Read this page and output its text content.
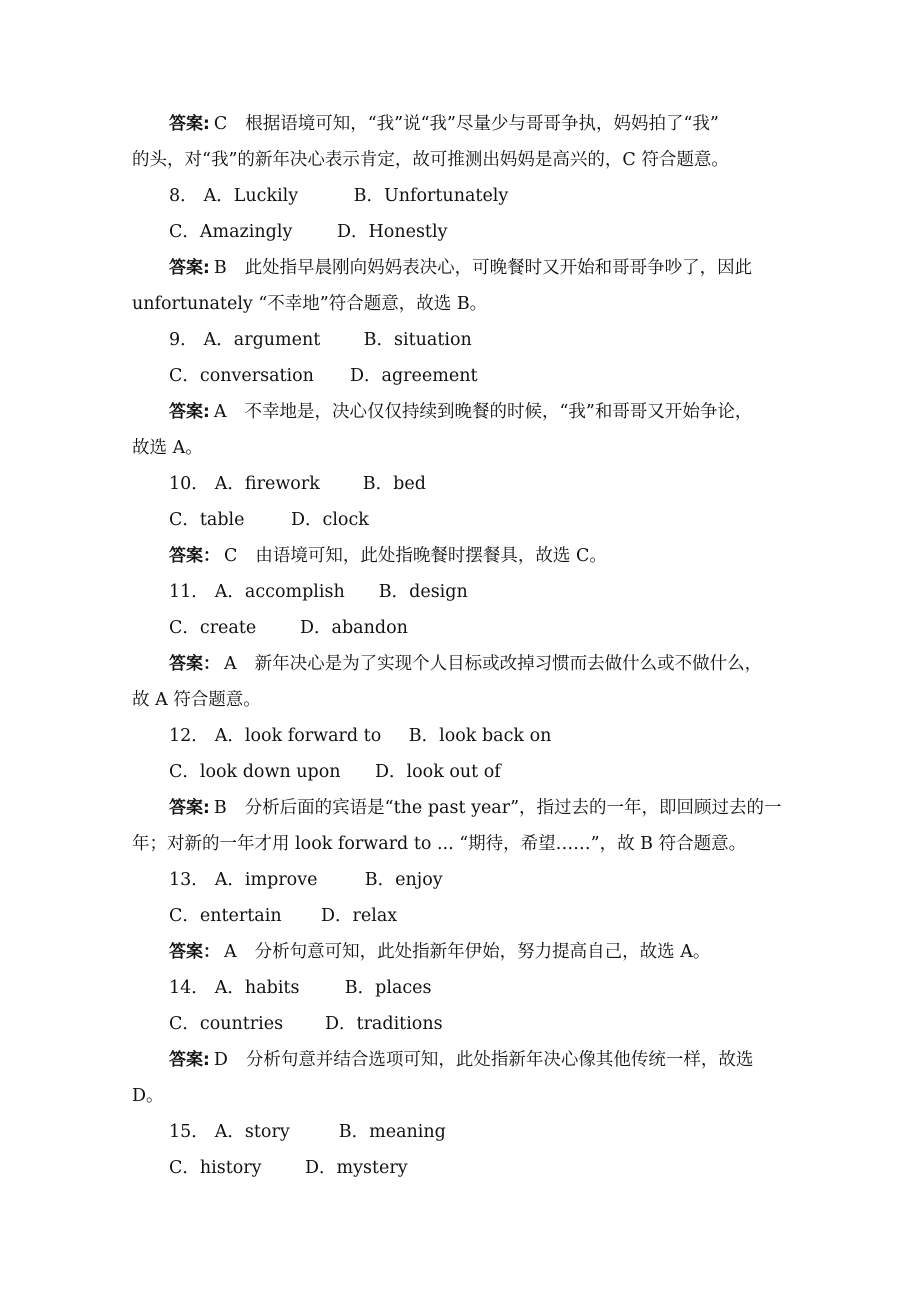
答案: C 根据语境可知，“我”说“我”尽量少与哥哥争执，妈妈拍了“我”
的头，对“我”的新年决心表示肯定，故可推测出妈妈是高兴的，C 符合题意。
8． A．Luckily	B．Unfortunately
C．Amazingly	D．Honestly
答案: B 此处指早晨刚向妈妈表决心，可晚餐时又开始和哥哥争吵了，因此
unfortunately “不幸地”符合题意，故选 B。
9． A．argument B．situation
C．conversation D．agreement
答案: A 不幸地是，决心仅仅持续到晚餐的时候，“我”和哥哥又开始争论，
故选 A。
10． A．firework B．bed
C．table	D．clock
答案： C 由语境可知，此处指晚餐时摆餐具，故选 C。
11． A．accomplish B．design
C．create	D．abandon
答案： A 新年决心是为了实现个人目标或改掉习惯而去做什么或不做什么，
故 A 符合题意。
12． A．look forward to B．look back on
C．look down upon D．look out of
答案: B 分析后面的宾语是“the past year”，指过去的一年，即回顾过去的一
年；对新的一年才用 look forward to ... “期待，希望……”，故 B 符合题意。
13． A．improve	B．enjoy
C．entertain D．relax
答案： A 分析句意可知，此处指新年伊始，努力提高自己，故选 A。
14． A．habits	B．places
C．countries D．traditions
答案: D 分析句意并结合选项可知，此处指新年决心像其他传统一样，故选
D。
15． A．story	B．meaning
C．history D．mystery
